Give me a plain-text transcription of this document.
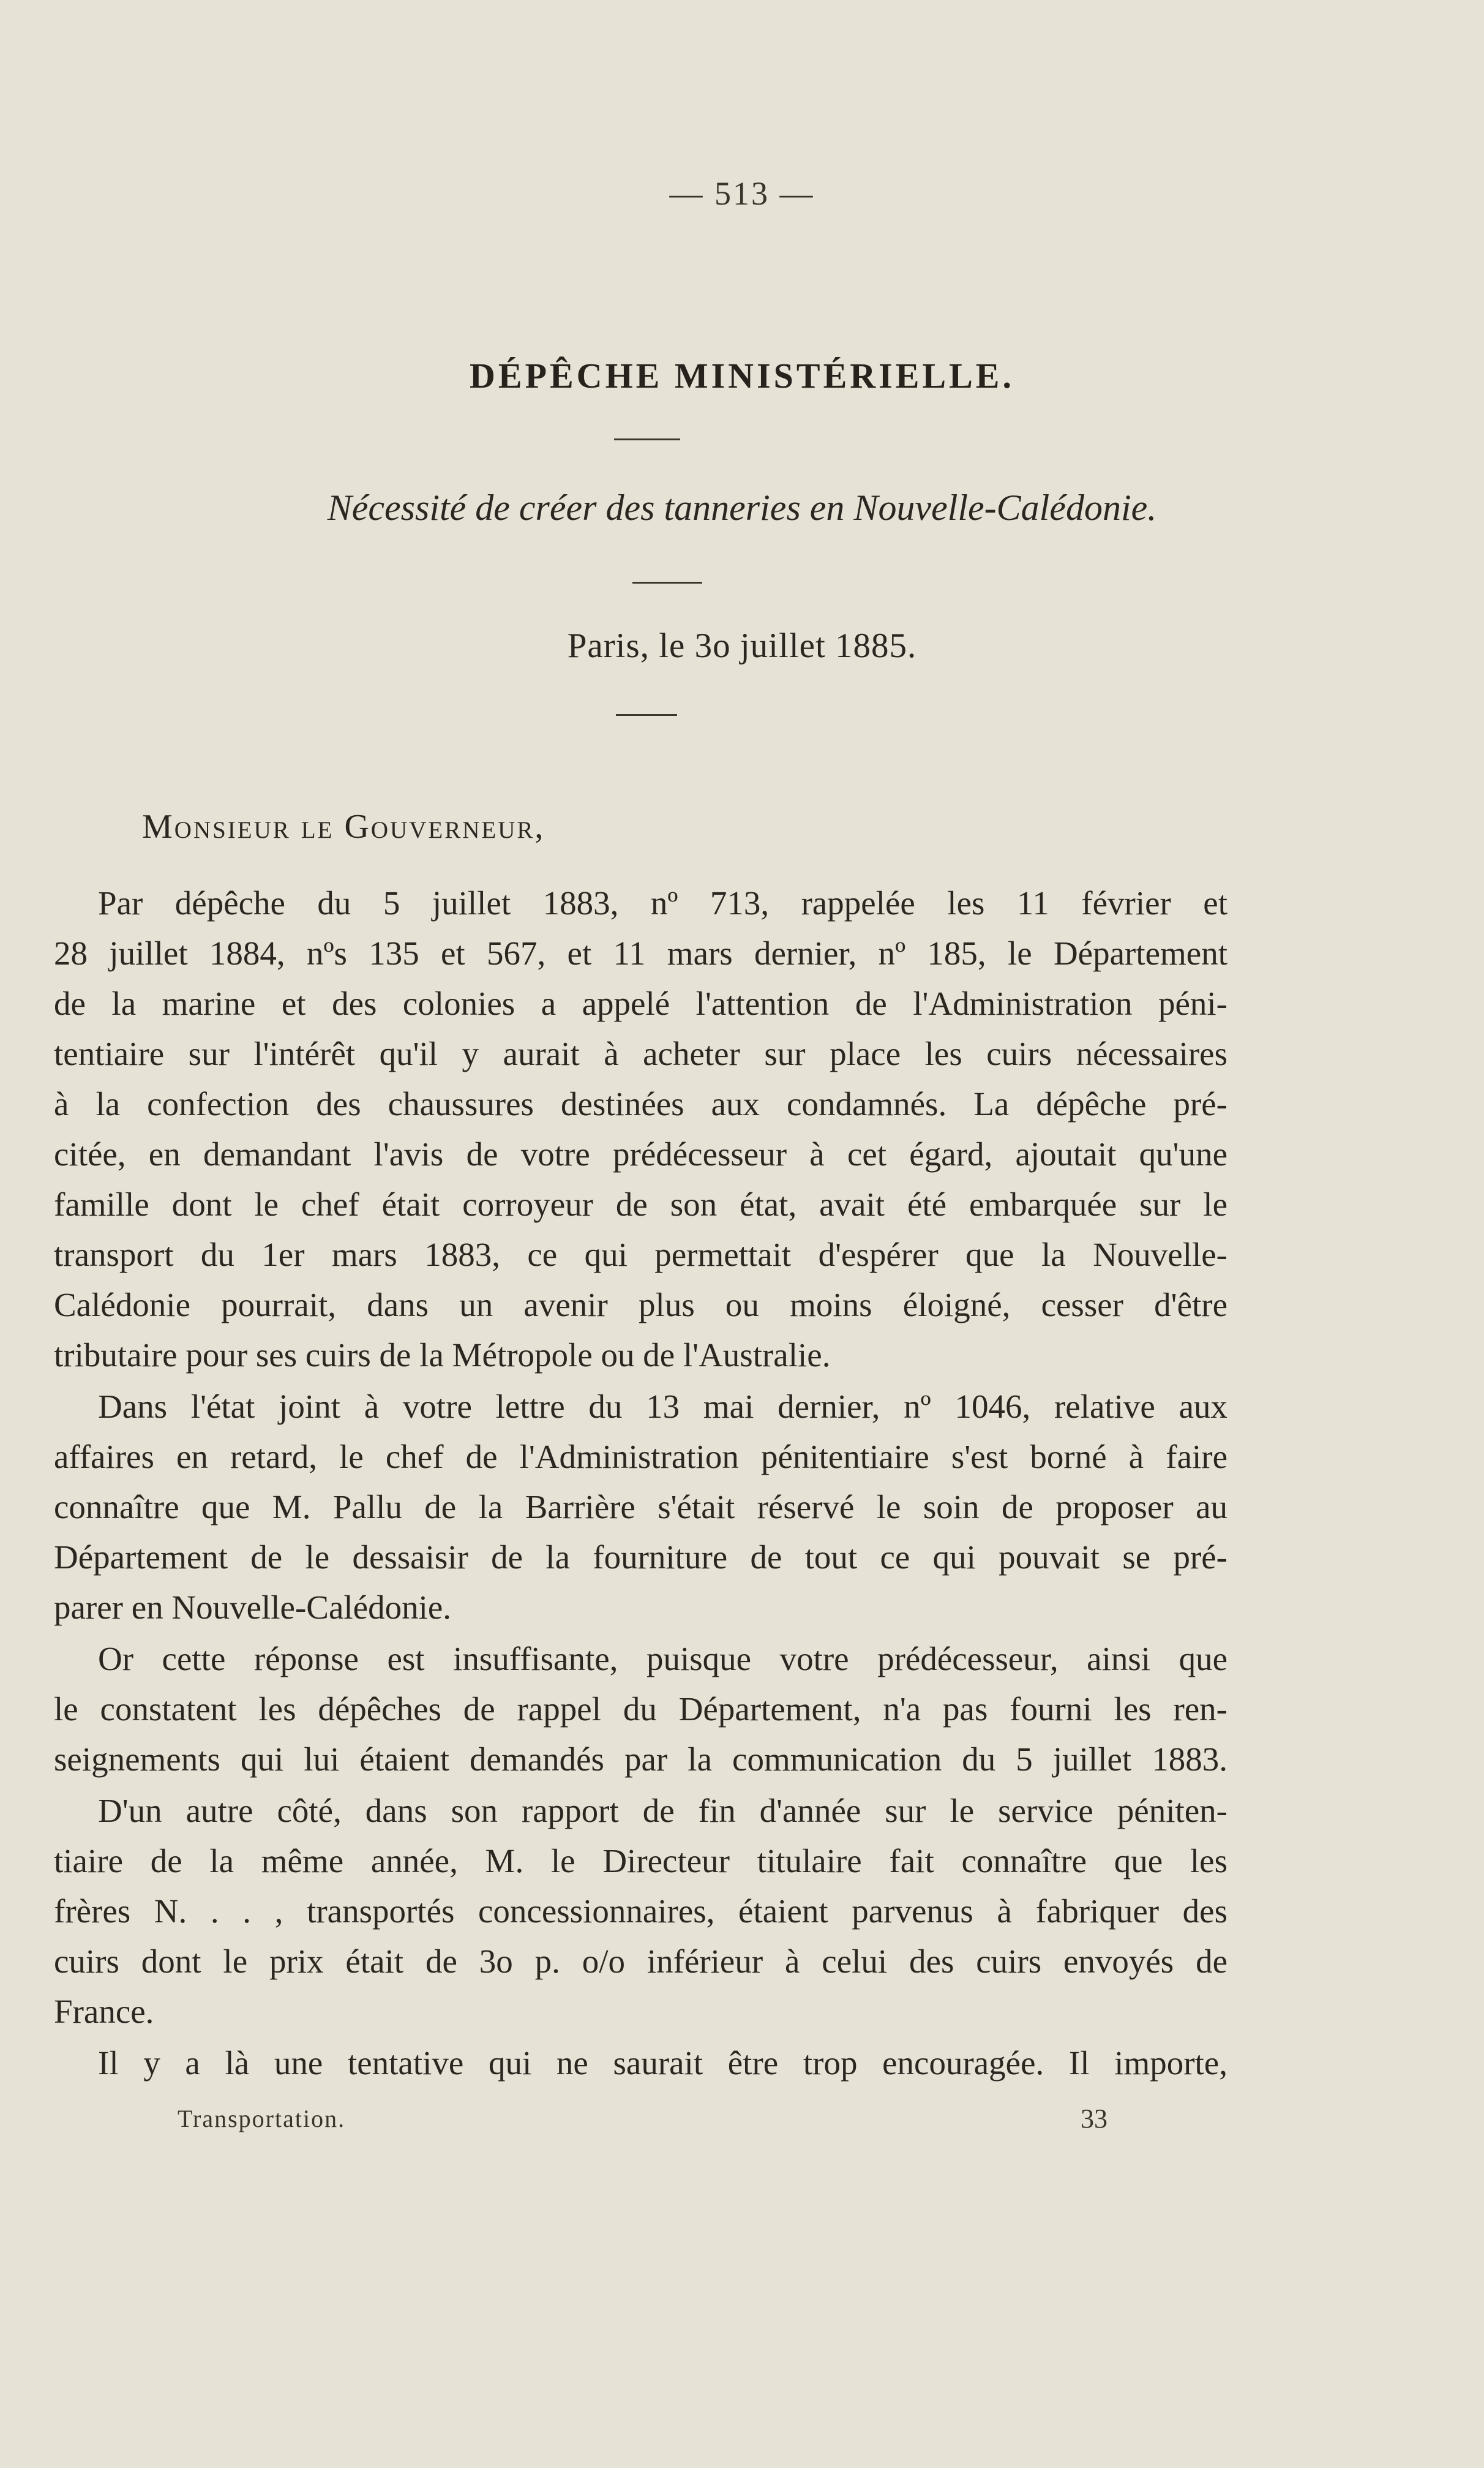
— 513 —
DÉPÊCHE MINISTÉRIELLE.
Nécessité de créer des tanneries en Nouvelle-Calédonie.
Paris, le 3o juillet 1885.
Monsieur le Gouverneur,
Par dépêche du 5 juillet 1883, nº 713, rappelée les 11 février et
28 juillet 1884, nºs 135 et 567, et 11 mars dernier, nº 185, le Département
de la marine et des colonies a appelé l'attention de l'Administration péni-
tentiaire sur l'intérêt qu'il y aurait à acheter sur place les cuirs nécessaires
à la confection des chaussures destinées aux condamnés. La dépêche pré-
citée, en demandant l'avis de votre prédécesseur à cet égard, ajoutait qu'une
famille dont le chef était corroyeur de son état, avait été embarquée sur le
transport du 1er mars 1883, ce qui permettait d'espérer que la Nouvelle-
Calédonie pourrait, dans un avenir plus ou moins éloigné, cesser d'être
tributaire pour ses cuirs de la Métropole ou de l'Australie.
Dans l'état joint à votre lettre du 13 mai dernier, nº 1046, relative aux
affaires en retard, le chef de l'Administration pénitentiaire s'est borné à faire
connaître que M. Pallu de la Barrière s'était réservé le soin de proposer au
Département de le dessaisir de la fourniture de tout ce qui pouvait se pré-
parer en Nouvelle-Calédonie.
Or cette réponse est insuffisante, puisque votre prédécesseur, ainsi que
le constatent les dépêches de rappel du Département, n'a pas fourni les ren-
seignements qui lui étaient demandés par la communication du 5 juillet 1883.
D'un autre côté, dans son rapport de fin d'année sur le service péniten-
tiaire de la même année, M. le Directeur titulaire fait connaître que les
frères N. . . , transportés concessionnaires, étaient parvenus à fabriquer des
cuirs dont le prix était de 3o p. o/o inférieur à celui des cuirs envoyés de
France.
Il y a là une tentative qui ne saurait être trop encouragée. Il importe,
Transportation.	33
